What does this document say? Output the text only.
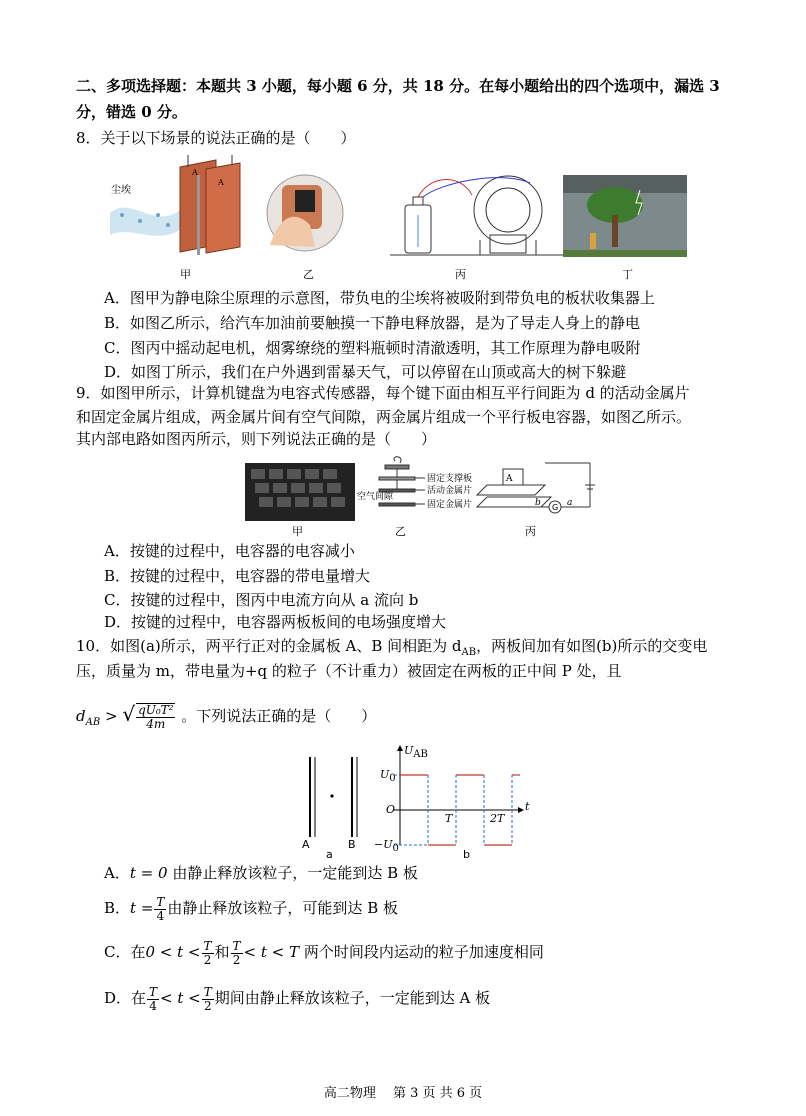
二、多项选择题：本题共 3 小题，每小题 6 分，共 18 分。在每小题给出的四个选项中，漏选 3
分，错选 0 分。
8．关于以下场景的说法正确的是（　　）
尘埃
A
A
甲	乙	丙	丁
A．图甲为静电除尘原理的示意图，带负电的尘埃将被吸附到带负电的板状收集器上
B．如图乙所示，给汽车加油前要触摸一下静电释放器，是为了导走人身上的静电
C．图丙中摇动起电机，烟雾缭绕的塑料瓶顿时清澈透明，其工作原理为静电吸附
D．如图丁所示，我们在户外遇到雷暴天气，可以停留在山顶或高大的树下躲避
9．如图甲所示，计算机键盘为电容式传感器，每个键下面由相互平行间距为 d 的活动金属片
和固定金属片组成，两金属片间有空气间隙，两金属片组成一个平行板电容器，如图乙所示。
其内部电路如图丙所示，则下列说法正确的是（　　）
固定支撑板
空气间隙
活动金属片
固定金属片
A
G
b	a
甲	乙	丙
A．按键的过程中，电容器的电容减小
B．按键的过程中，电容器的带电量增大
C．按键的过程中，图丙中电流方向从 a 流向 b
D．按键的过程中，电容器两板板间的电场强度增大
10．如图(a)所示，两平行正对的金属板 A、B 间相距为 $d_{AB}$，两板间加有如图(b)所示的交变电
压，质量为 m，带电量为+q 的粒子（不计重力）被固定在两板的正中间 P 处，且
$d_{AB}$ > √ $\frac{\text{qU₀T²}}{4m}$ 。下列说法正确的是（　　）
A	B
a	b
$U_{AB}$
$U_0$
O
$-U_0$
t
T	2T
A．t = 0 由静止释放该粒子，一定能到达 B 板
B．$t = \frac{T}{4}$ 由静止释放该粒子，可能到达 B 板
C．在$0 < t < \frac{T}{2}$ 和 $\frac{T}{2} < t < T$ 两个时间段内运动的粒子加速度相同
D．在 $\frac{T}{4} < t < \frac{T}{2}$ 期间由静止释放该粒子，一定能到达 A 板
高二物理　 第 3 页 共 6 页
